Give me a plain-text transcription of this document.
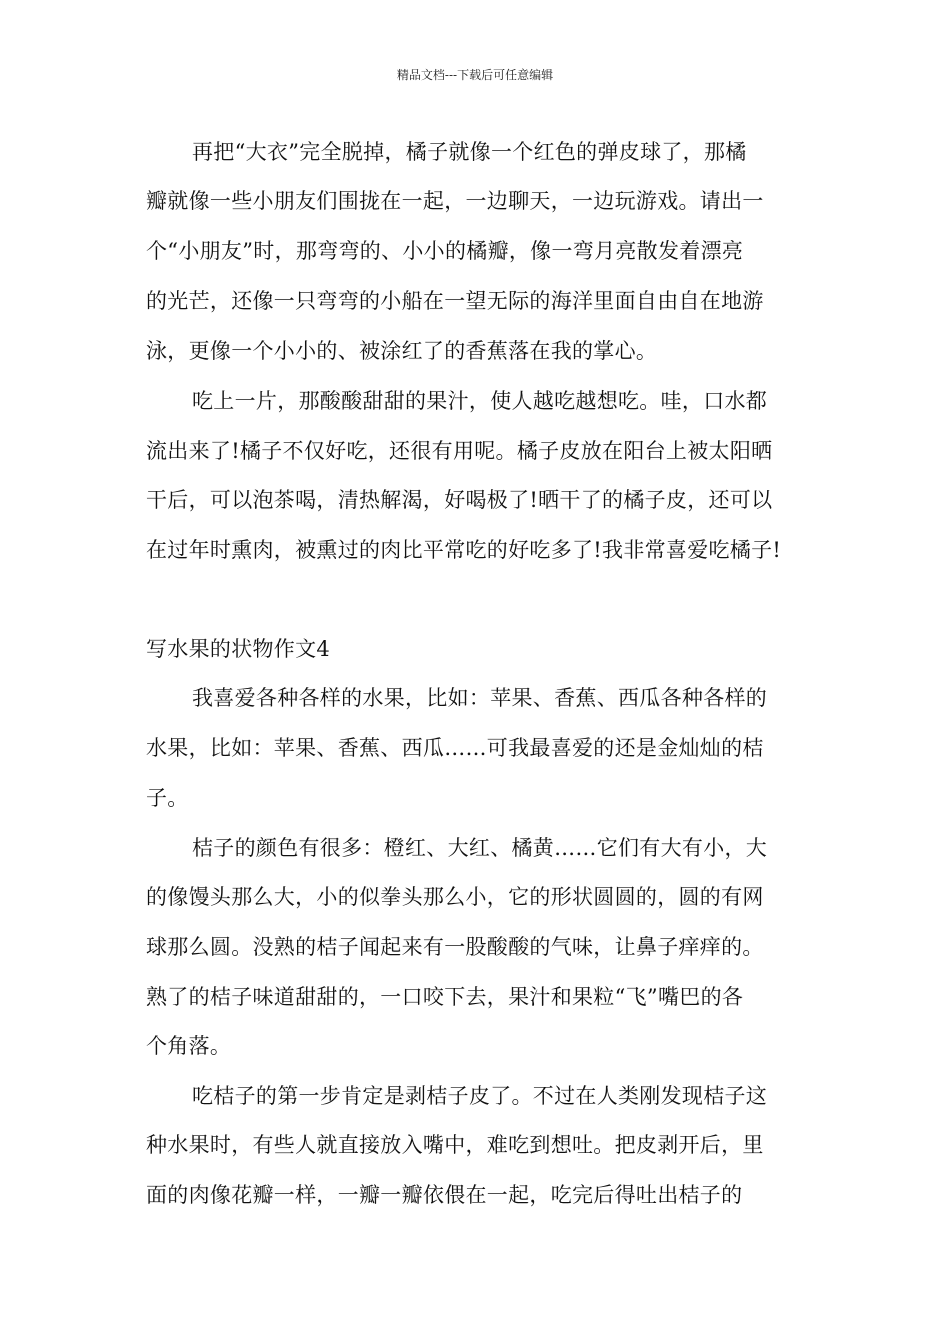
精品文档---下载后可任意编辑
再把“大衣”完全脱掉，橘子就像一个红色的弹皮球了，那橘
瓣就像一些小朋友们围拢在一起，一边聊天，一边玩游戏。请出一
个“小朋友”时，那弯弯的、小小的橘瓣，像一弯月亮散发着漂亮
的光芒，还像一只弯弯的小船在一望无际的海洋里面自由自在地游
泳，更像一个小小的、被涂红了的香蕉落在我的掌心。
吃上一片，那酸酸甜甜的果汁，使人越吃越想吃。哇，口水都
流出来了!橘子不仅好吃，还很有用呢。橘子皮放在阳台上被太阳晒
干后，可以泡茶喝，清热解渴，好喝极了!晒干了的橘子皮，还可以
在过年时熏肉，被熏过的肉比平常吃的好吃多了!我非常喜爱吃橘子!
写水果的状物作文4
我喜爱各种各样的水果，比如：苹果、香蕉、西瓜各种各样的
水果，比如：苹果、香蕉、西瓜……可我最喜爱的还是金灿灿的桔
子。
桔子的颜色有很多：橙红、大红、橘黄……它们有大有小，大
的像馒头那么大，小的似拳头那么小，它的形状圆圆的，圆的有网
球那么圆。没熟的桔子闻起来有一股酸酸的气味，让鼻子痒痒的。
熟了的桔子味道甜甜的，一口咬下去，果汁和果粒“飞”嘴巴的各
个角落。
吃桔子的第一步肯定是剥桔子皮了。不过在人类刚发现桔子这
种水果时，有些人就直接放入嘴中，难吃到想吐。把皮剥开后，里
面的肉像花瓣一样，一瓣一瓣依偎在一起，吃完后得吐出桔子的
